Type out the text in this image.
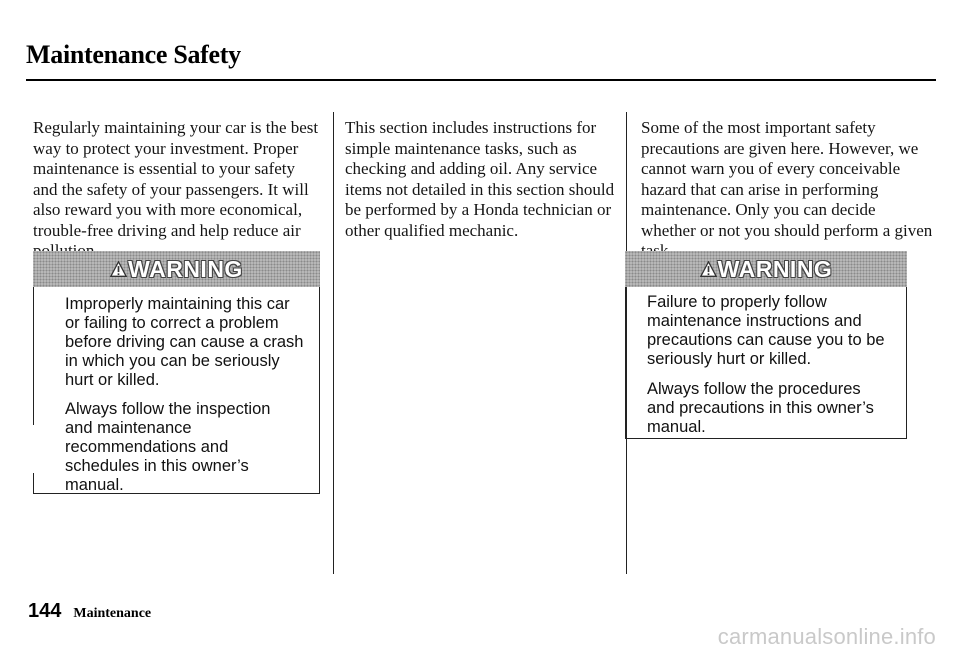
Maintenance Safety

Regularly maintaining your car is the best way to protect your investment. Proper maintenance is essential to your safety and the safety of your passengers. It will also reward you with more economical, trouble-free driving and help reduce air

This section includes instructions for simple maintenance tasks, such as checking and adding oil. Any service items not detailed in this section should be performed by a Honda technician or other qualified mechanic.

Some of the most important safety precautions are given here. However, we cannot warn you of every conceivable hazard that can arise in performing maintenance. Only you can decide whether or not you should perform a given

WARNING

Improperly maintaining this car or failing to correct a problem before driving can cause a crash in which you can be seriously hurt or killed.

Always follow the inspection and maintenance recommendations and schedules in this owner’s manual.

WARNING

Failure to properly follow maintenance instructions and precautions can cause you to be seriously hurt or killed.

Always follow the procedures and precautions in this owner’s manual.

144 Maintenance
carmanualsonline.info
